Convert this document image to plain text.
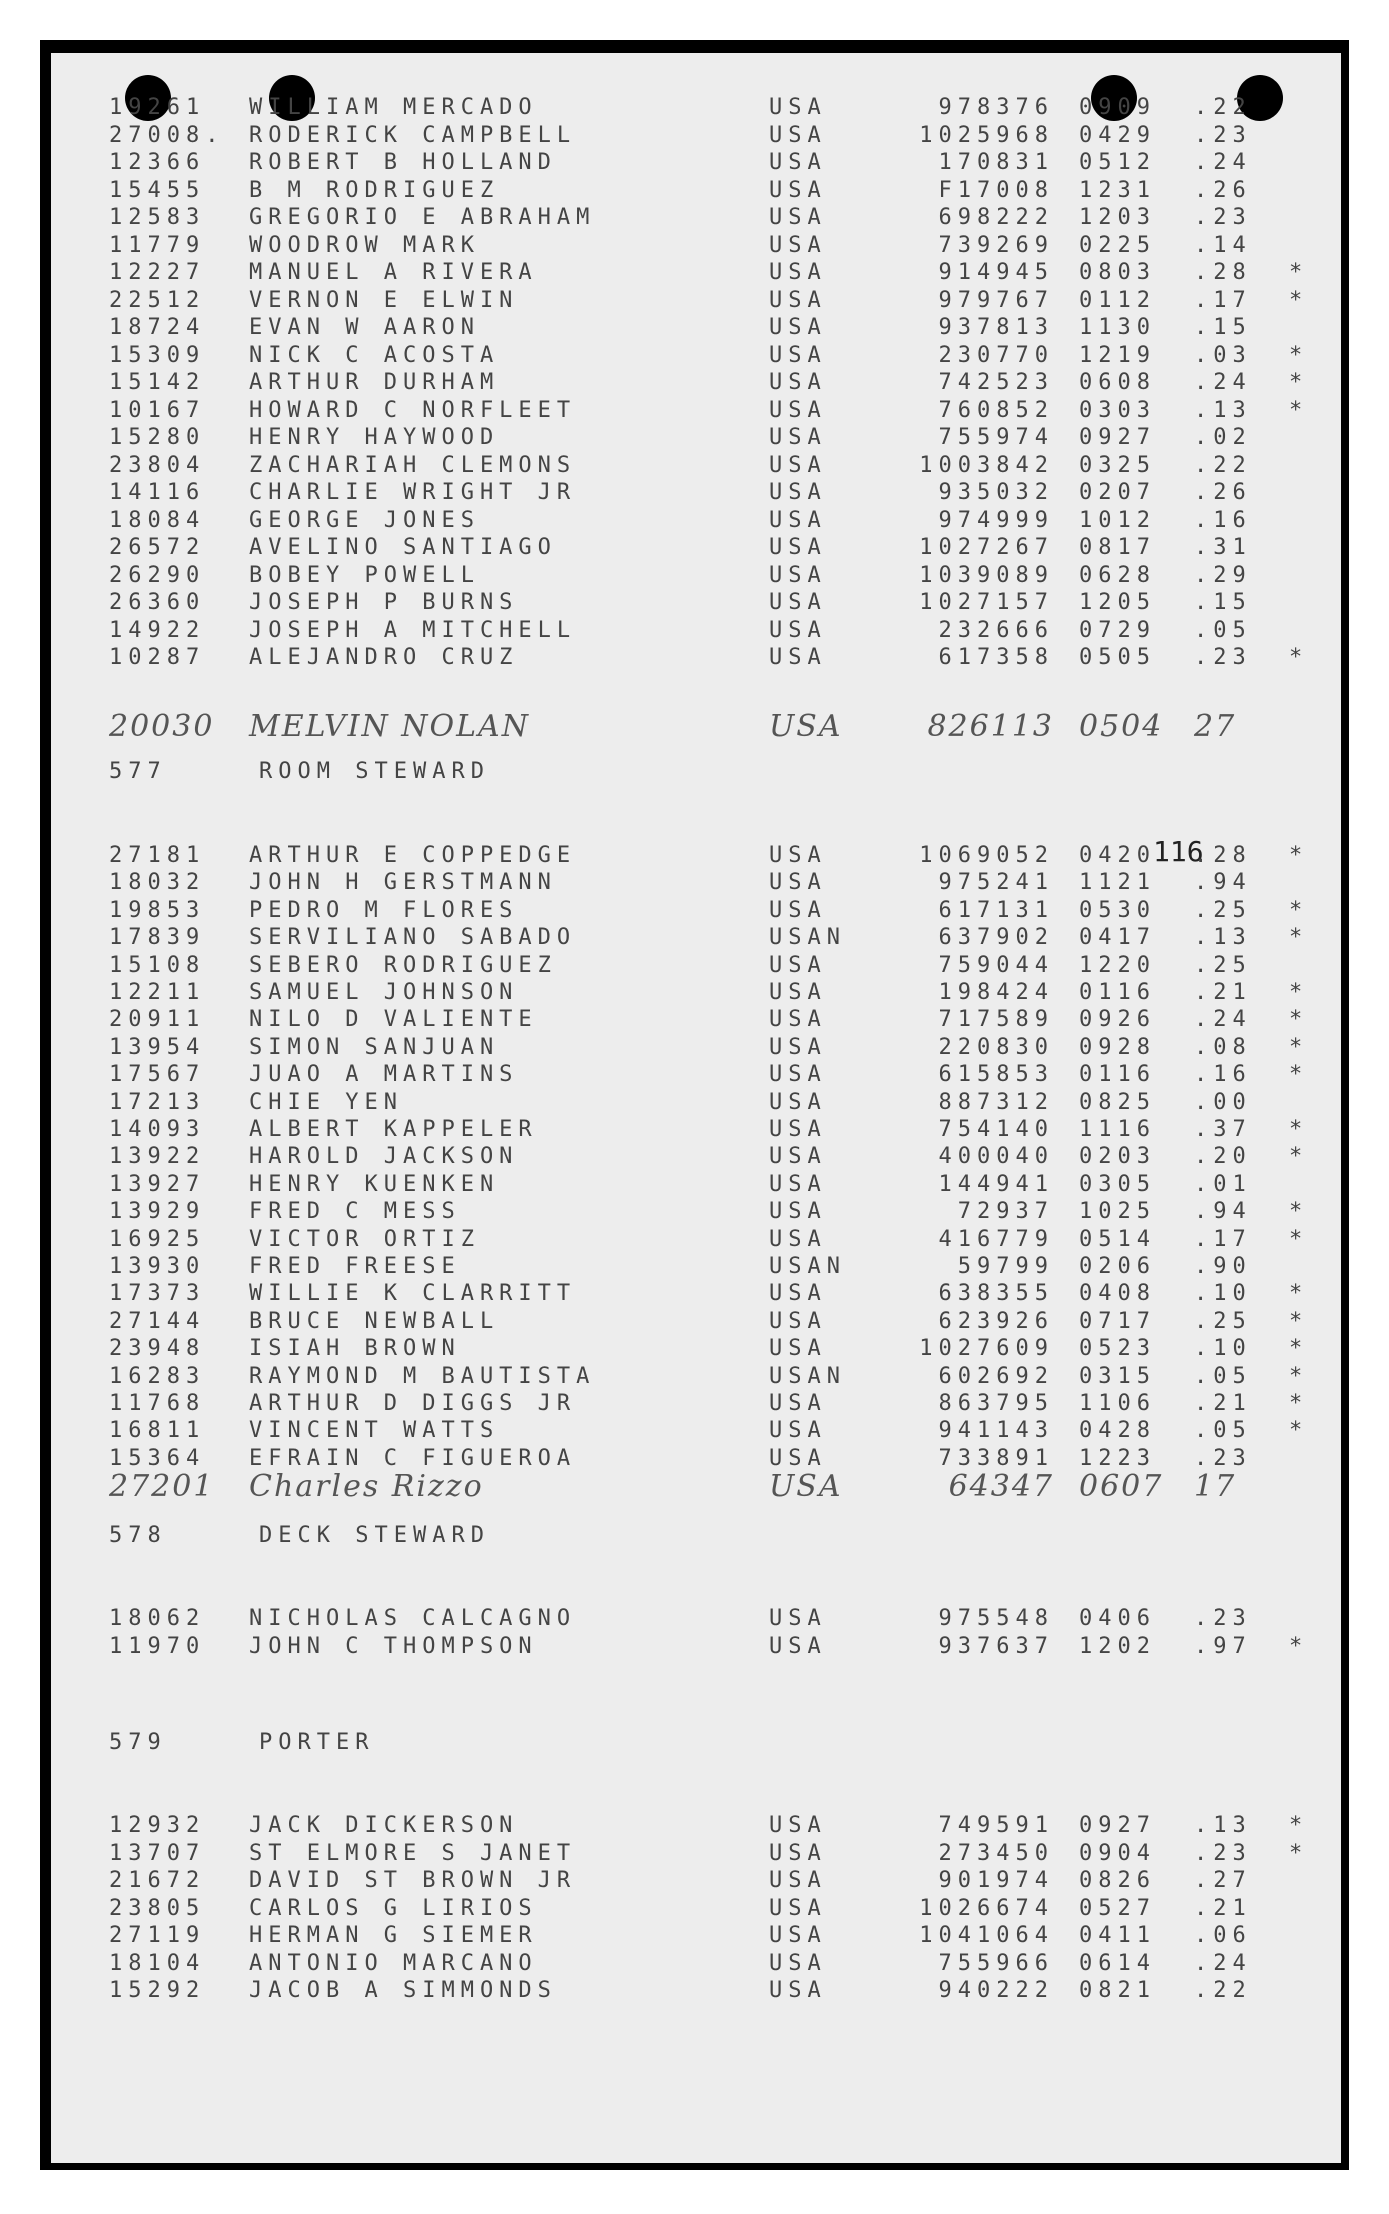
116
19261	WILLIAM MERCADO	USA	978376 0909	.22
27008.	RODERICK CAMPBELL	USA	1025968 0429	.23
12366	ROBERT B HOLLAND	USA	170831 0512	.24
15455	B M RODRIGUEZ	USA	F17008 1231	.26
12583	GREGORIO E ABRAHAM	USA	698222 1203	.23
11779	WOODROW MARK	USA	739269 0225	.14
12227	MANUEL A RIVERA	USA	914945 0803	.28 *
22512	VERNON E ELWIN	USA	979767 0112	.17 *
18724	EVAN W AARON	USA	937813 1130	.15
15309	NICK C ACOSTA	USA	230770 1219	.03 *
15142	ARTHUR DURHAM	USA	742523 0608	.24 *
10167	HOWARD C NORFLEET	USA	760852 0303	.13 *
15280	HENRY HAYWOOD	USA	755974 0927	.02
23804	ZACHARIAH CLEMONS	USA	1003842 0325	.22
14116	CHARLIE WRIGHT JR	USA	935032 0207	.26
18084	GEORGE JONES	USA	974999 1012	.16
26572	AVELINO SANTIAGO	USA	1027267 0817	.31
26290	BOBEY POWELL	USA	1039089 0628	.29
26360	JOSEPH P BURNS	USA	1027157 1205	.15
14922	JOSEPH A MITCHELL	USA	232666 0729	.05
10287	ALEJANDRO CRUZ	USA	617358 0505	.23 *
20030	MELVIN NOLAN	USA	826113 0504	27
577	ROOM STEWARD
27181	ARTHUR E COPPEDGE	USA	1069052 0420	.28 *
18032	JOHN H GERSTMANN	USA	975241 1121	.94
19853	PEDRO M FLORES	USA	617131 0530	.25 *
17839	SERVILIANO SABADO	USAN	637902 0417	.13 *
15108	SEBERO RODRIGUEZ	USA	759044 1220	.25
12211	SAMUEL JOHNSON	USA	198424 0116	.21 *
20911	NILO D VALIENTE	USA	717589 0926	.24 *
13954	SIMON SANJUAN	USA	220830 0928	.08 *
17567	JUAO A MARTINS	USA	615853 0116	.16 *
17213	CHIE YEN	USA	887312 0825	.00
14093	ALBERT KAPPELER	USA	754140 1116	.37 *
13922	HAROLD JACKSON	USA	400040 0203	.20 *
13927	HENRY KUENKEN	USA	144941 0305	.01
13929	FRED C MESS	USA	72937 1025	.94 *
16925	VICTOR ORTIZ	USA	416779 0514	.17 *
13930	FRED FREESE	USAN	59799 0206	.90
17373	WILLIE K CLARRITT	USA	638355 0408	.10 *
27144	BRUCE NEWBALL	USA	623926 0717	.25 *
23948	ISIAH BROWN	USA	1027609 0523	.10 *
16283	RAYMOND M BAUTISTA	USAN	602692 0315	.05 *
11768	ARTHUR D DIGGS JR	USA	863795 1106	.21 *
16811	VINCENT WATTS	USA	941143 0428	.05 *
15364	EFRAIN C FIGUEROA	USA	733891 1223	.23
27201	Charles Rizzo	USA	64347 0607	17
578	DECK STEWARD
18062	NICHOLAS CALCAGNO	USA	975548 0406	.23
11970	JOHN C THOMPSON	USA	937637 1202	.97 *
579	PORTER
12932	JACK DICKERSON	USA	749591 0927	.13 *
13707	ST ELMORE S JANET	USA	273450 0904	.23 *
21672	DAVID ST BROWN JR	USA	901974 0826	.27
23805	CARLOS G LIRIOS	USA	1026674 0527	.21
27119	HERMAN G SIEMER	USA	1041064 0411	.06
18104	ANTONIO MARCANO	USA	755966 0614	.24
15292	JACOB A SIMMONDS	USA	940222 0821	.22
